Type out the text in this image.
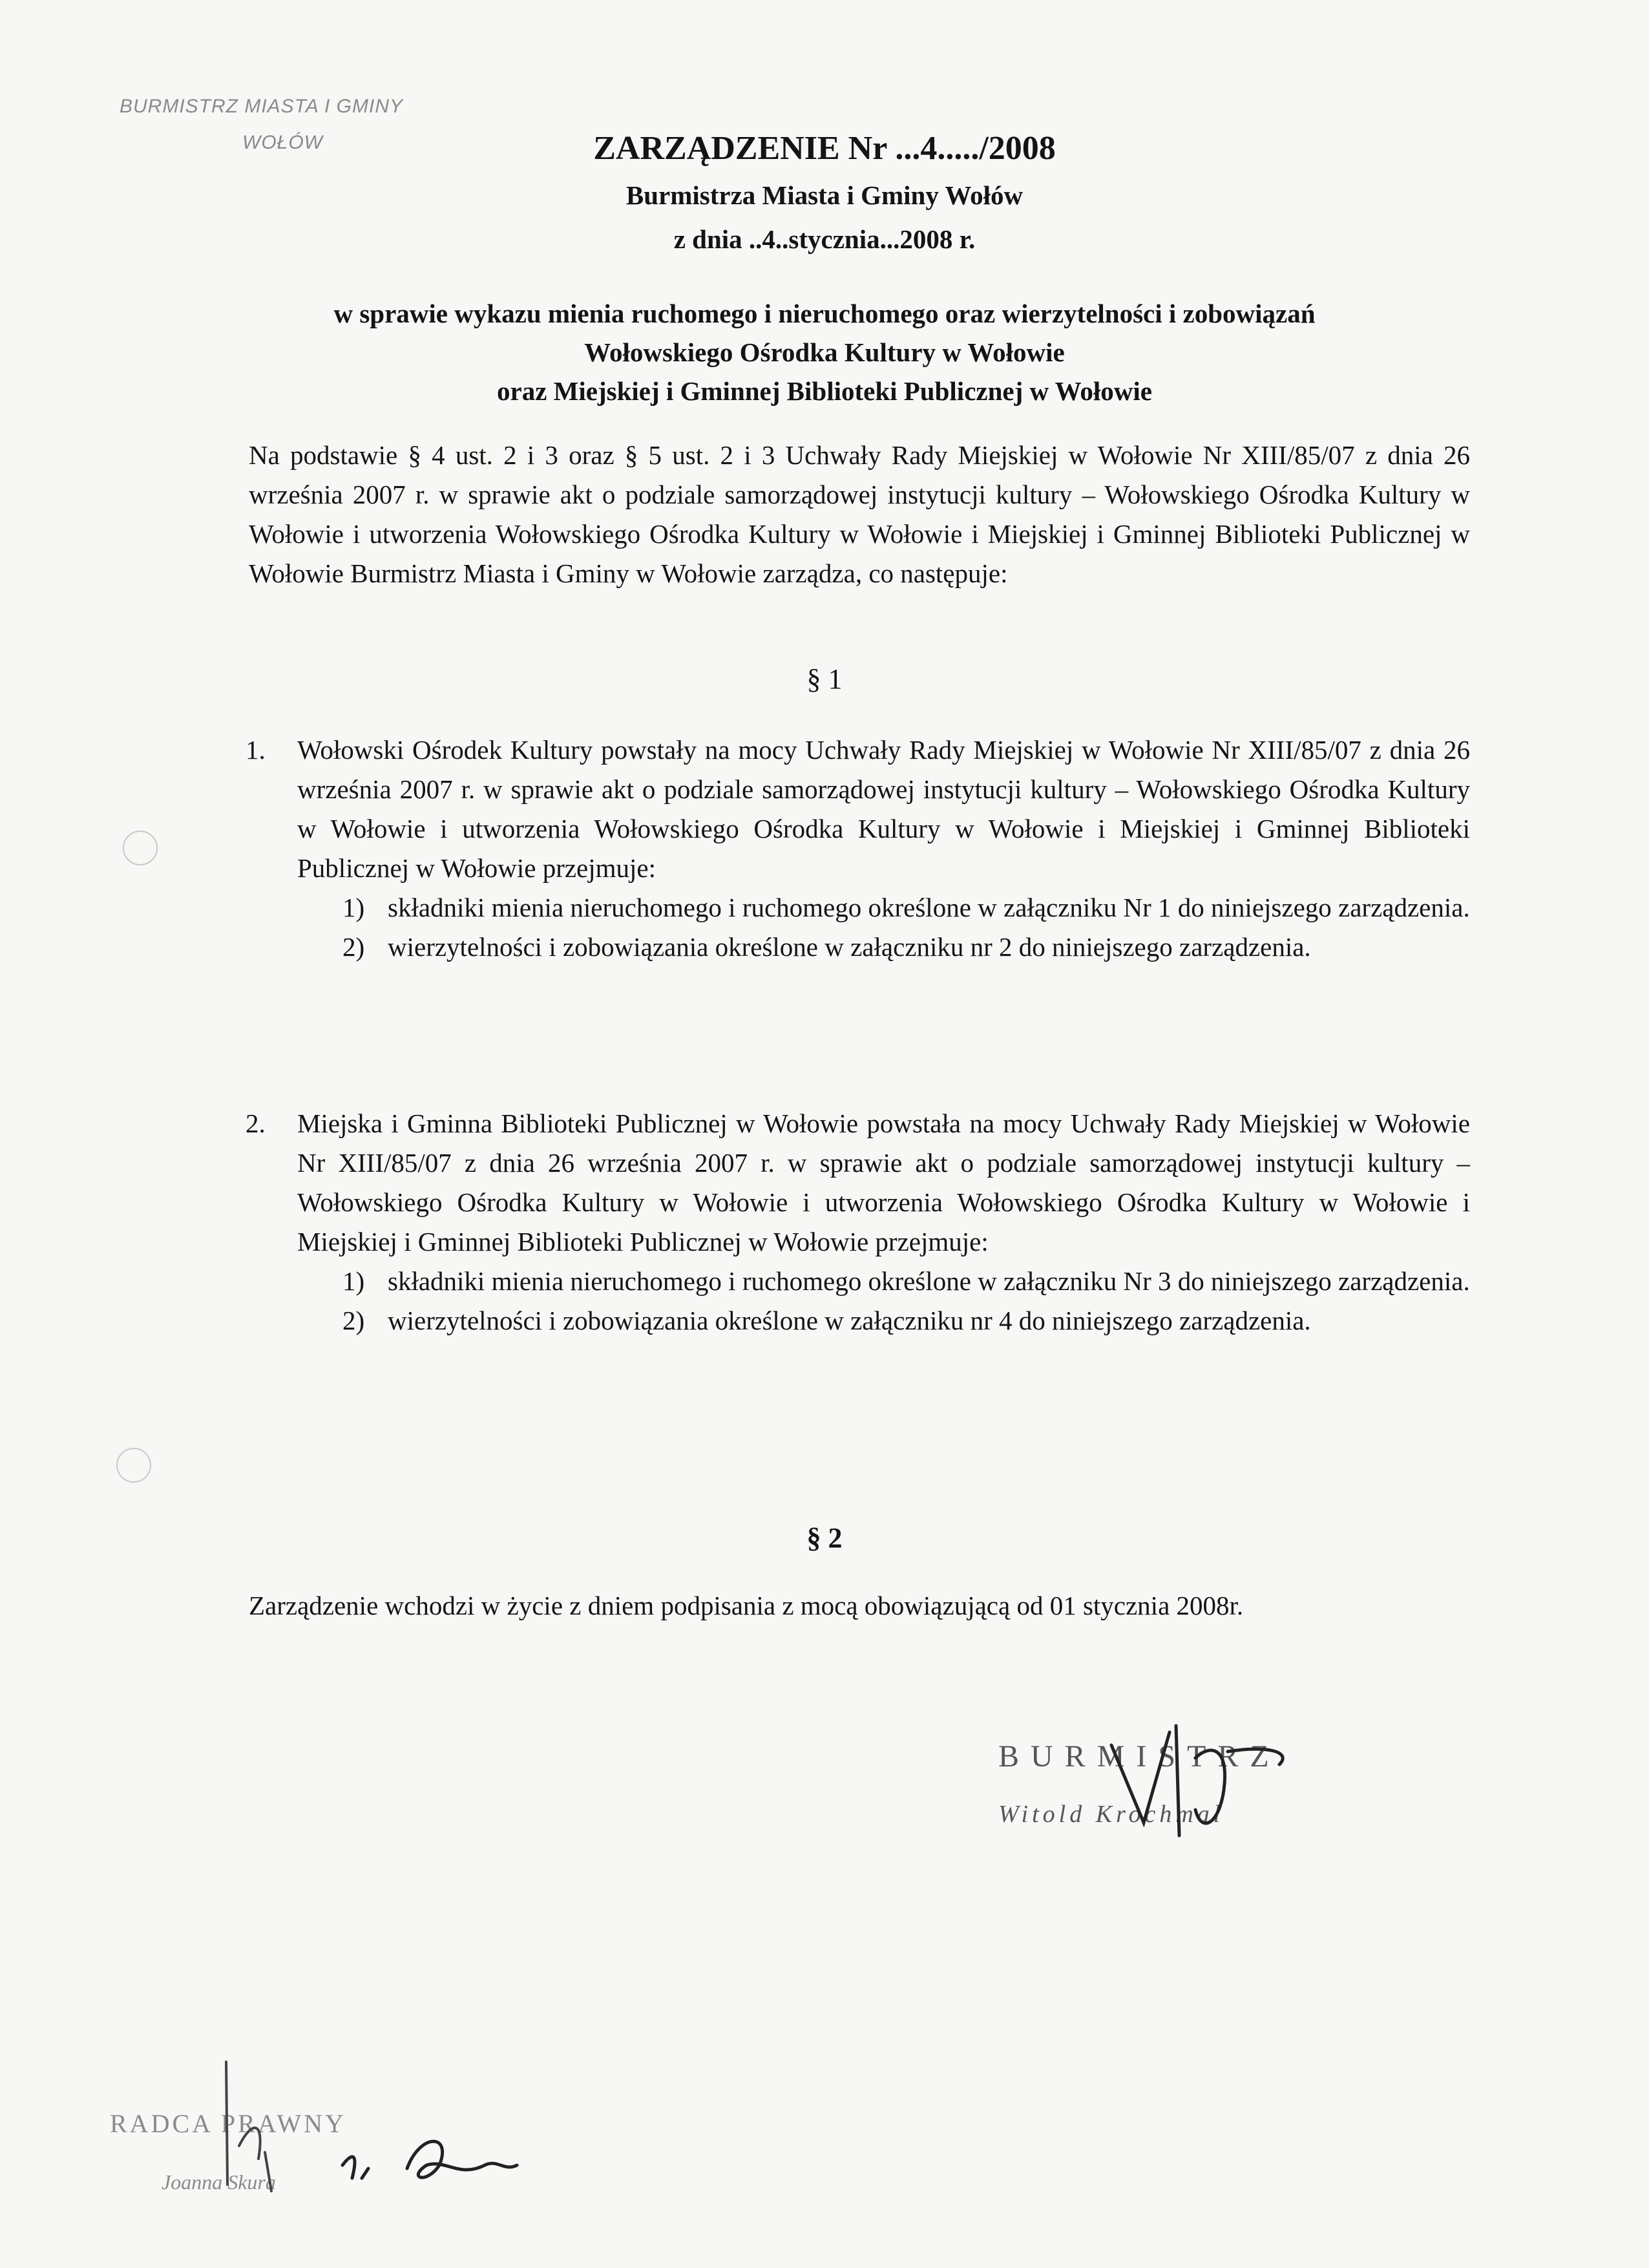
BURMISTRZ MIASTA I GMINY
WOŁÓW	ZARZĄDZENIE Nr ...4...../2008
Burmistrza Miasta i Gminy Wołów
z dnia ..4..stycznia...2008 r.
w sprawie wykazu mienia ruchomego i nieruchomego oraz wierzytelności i zobowiązań
Wołowskiego Ośrodka Kultury w Wołowie
oraz Miejskiej i Gminnej Biblioteki Publicznej w Wołowie
Na podstawie § 4 ust. 2 i 3 oraz § 5 ust. 2 i 3 Uchwały Rady Miejskiej w Wołowie Nr XIII/85/07 z dnia 26 września 2007 r. w sprawie akt o podziale samorządowej instytucji kultury – Wołowskiego Ośrodka Kultury w Wołowie i utworzenia Wołowskiego Ośrodka Kultury w Wołowie i Miejskiej i Gminnej Biblioteki Publicznej w Wołowie Burmistrz Miasta i Gminy w Wołowie zarządza, co następuje:
§ 1
1. Wołowski Ośrodek Kultury powstały na mocy Uchwały Rady Miejskiej w Wołowie Nr XIII/85/07 z dnia 26 września 2007 r. w sprawie akt o podziale samorządowej instytucji kultury – Wołowskiego Ośrodka Kultury w Wołowie i utworzenia Wołowskiego Ośrodka Kultury w Wołowie i Miejskiej i Gminnej Biblioteki Publicznej w Wołowie przejmuje:
1) składniki mienia nieruchomego i ruchomego określone w załączniku Nr 1 do niniejszego zarządzenia.
2) wierzytelności i zobowiązania określone w załączniku nr 2 do niniejszego zarządzenia.
2. Miejska i Gminna Biblioteki Publicznej w Wołowie powstała na mocy Uchwały Rady Miejskiej w Wołowie Nr XIII/85/07 z dnia 26 września 2007 r. w sprawie akt o podziale samorządowej instytucji kultury – Wołowskiego Ośrodka Kultury w Wołowie i utworzenia Wołowskiego Ośrodka Kultury w Wołowie i Miejskiej i Gminnej Biblioteki Publicznej w Wołowie przejmuje:
1) składniki mienia nieruchomego i ruchomego określone w załączniku Nr 3 do niniejszego zarządzenia.
2) wierzytelności i zobowiązania określone w załączniku nr 4 do niniejszego zarządzenia.
§ 2
Zarządzenie wchodzi w życie z dniem podpisania z mocą obowiązującą od 01 stycznia 2008r.
BURMISTRZ
Witold Krochmal
RADCA PRAWNY
Joanna Skura
